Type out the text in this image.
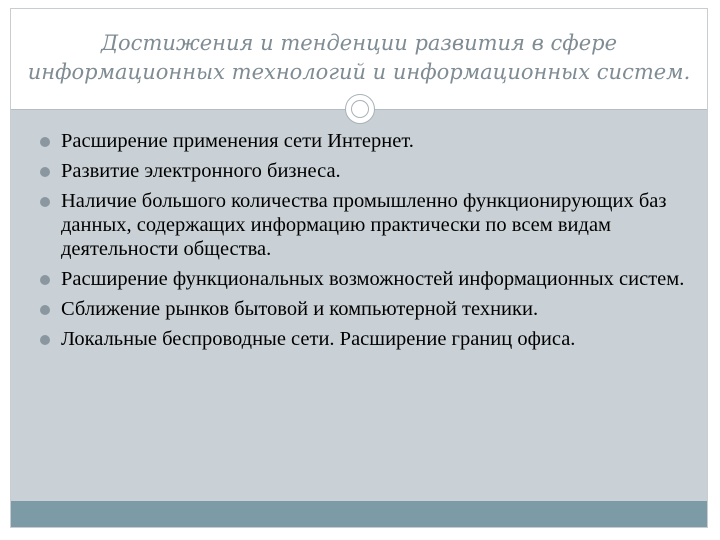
Достижения и тенденции развития в сфере информационных технологий и информационных систем.
Расширение применения сети Интернет.
Развитие электронного бизнеса.
Наличие большого количества промышленно функционирующих баз данных, содержащих информацию практически по всем видам деятельности общества.
Расширение функциональных возможностей информационных систем.
Сближение рынков бытовой и компьютерной техники.
Локальные беспроводные сети. Расширение границ офиса.
